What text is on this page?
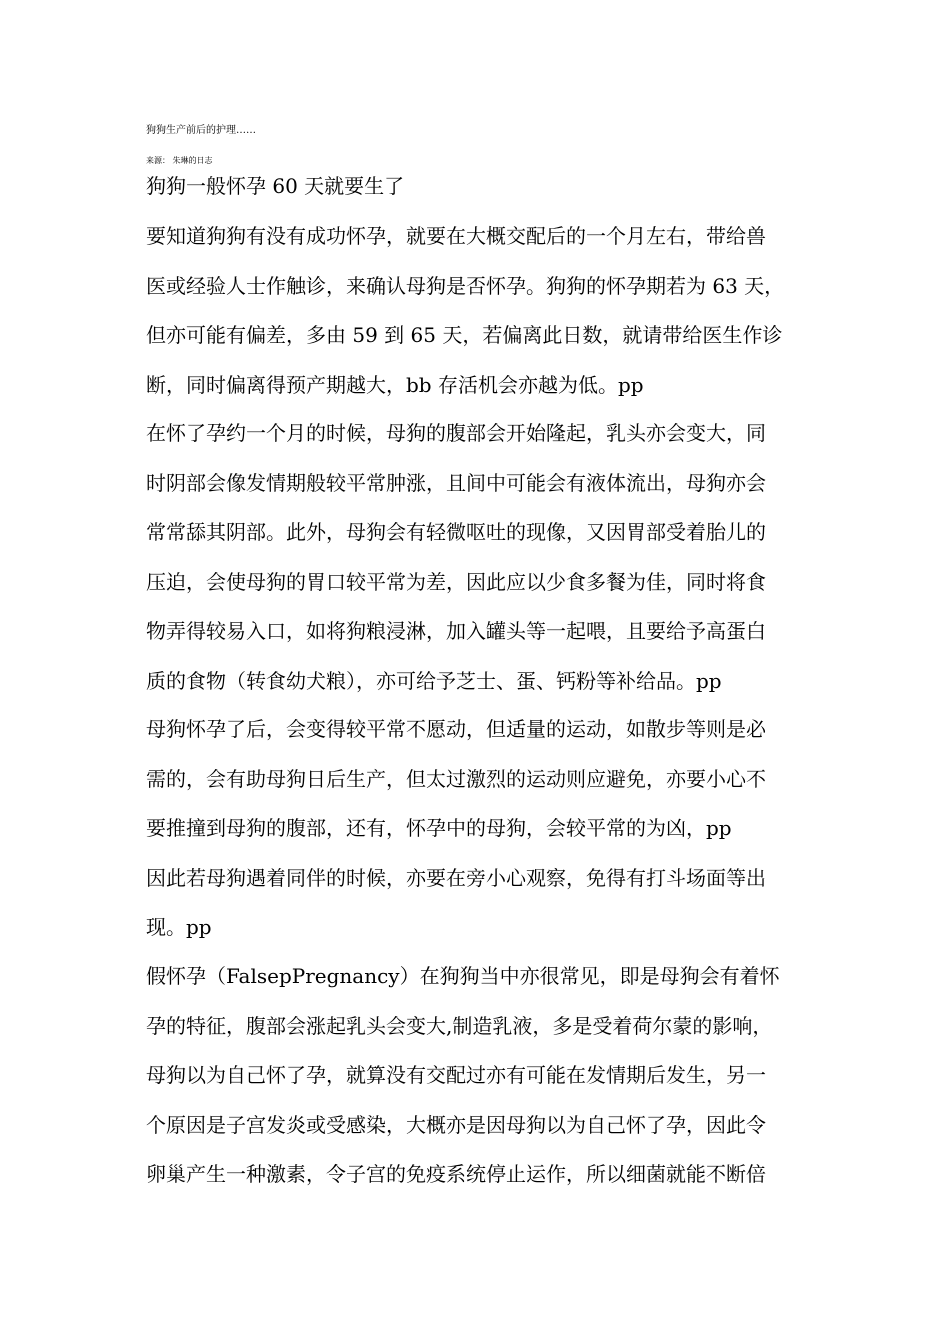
狗狗生产前后的护理……
来源： 朱琳的日志
狗狗一般怀孕 60 天就要生了
要知道狗狗有没有成功怀孕，就要在大概交配后的一个月左右，带给兽
医或经验人士作触诊，来确认母狗是否怀孕。狗狗的怀孕期若为 63 天，
但亦可能有偏差，多由 59 到 65 天，若偏离此日数，就请带给医生作诊
断，同时偏离得预产期越大，bb 存活机会亦越为低。pp
在怀了孕约一个月的时候，母狗的腹部会开始隆起，乳头亦会变大，同
时阴部会像发情期般较平常肿涨，且间中可能会有液体流出，母狗亦会
常常舔其阴部。此外，母狗会有轻微呕吐的现像，又因胃部受着胎儿的
压迫，会使母狗的胃口较平常为差，因此应以少食多餐为佳，同时将食
物弄得较易入口，如将狗粮浸淋，加入罐头等一起喂，且要给予高蛋白
质的食物（转食幼犬粮），亦可给予芝士、蛋、钙粉等补给品。pp
母狗怀孕了后，会变得较平常不愿动，但适量的运动，如散步等则是必
需的，会有助母狗日后生产，但太过激烈的运动则应避免，亦要小心不
要推撞到母狗的腹部，还有，怀孕中的母狗，会较平常的为凶，pp
因此若母狗遇着同伴的时候，亦要在旁小心观察，免得有打斗场面等出
现。pp
假怀孕（FalsepPregnancy）在狗狗当中亦很常见，即是母狗会有着怀
孕的特征，腹部会涨起乳头会变大,制造乳液，多是受着荷尔蒙的影响，
母狗以为自己怀了孕，就算没有交配过亦有可能在发情期后发生，另一
个原因是子宫发炎或受感染，大概亦是因母狗以为自己怀了孕，因此令
卵巢产生一种激素，令子宫的免疫系统停止运作，所以细菌就能不断倍
